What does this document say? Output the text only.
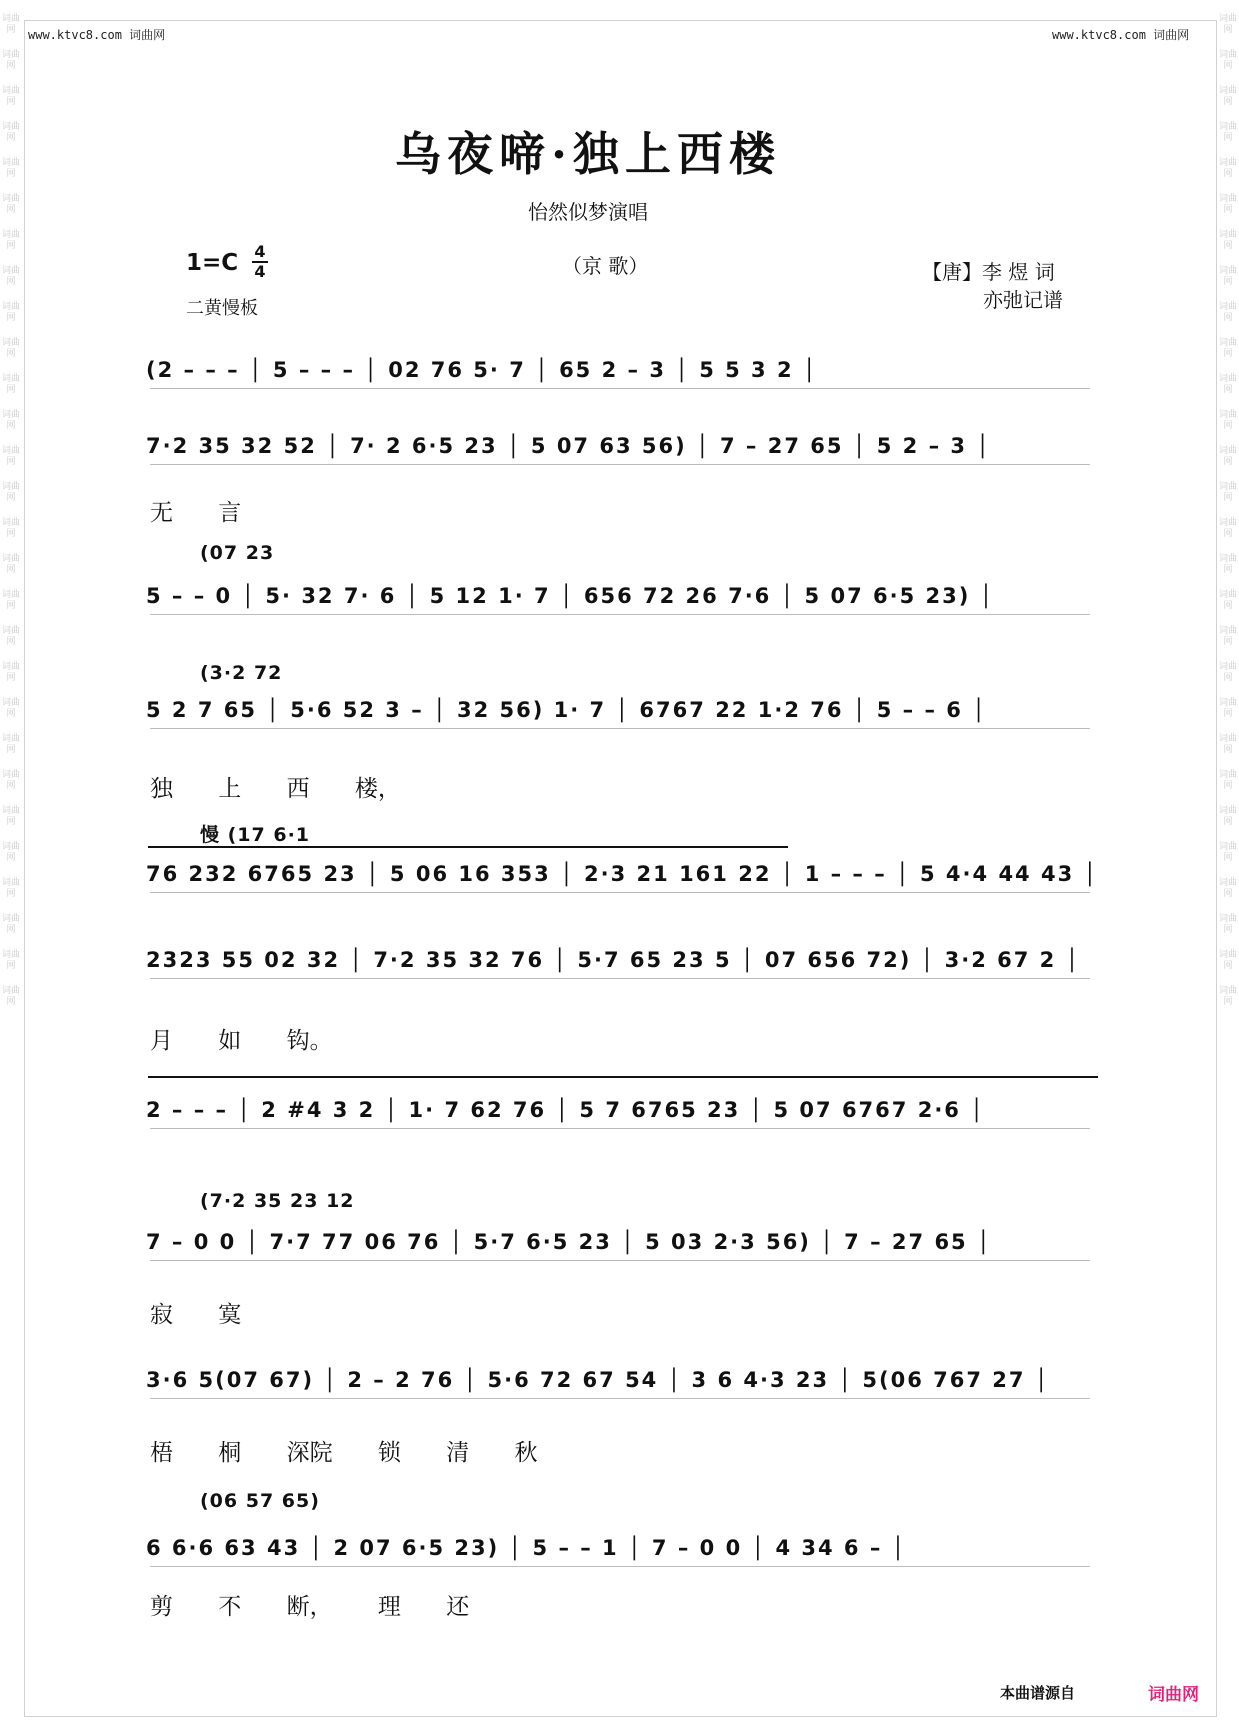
词曲网
词曲网
词曲网
词曲网
词曲网
词曲网
词曲网
词曲网
词曲网
词曲网
词曲网
词曲网
词曲网
词曲网
词曲网
词曲网
词曲网
词曲网
词曲网
词曲网
词曲网
词曲网
词曲网
词曲网
词曲网
词曲网
词曲网
词曲网
词曲网
词曲网
词曲网
词曲网
词曲网
词曲网
词曲网
词曲网
词曲网
词曲网
词曲网
词曲网
词曲网
词曲网
词曲网
词曲网
词曲网
词曲网
词曲网
词曲网
词曲网
词曲网
词曲网
词曲网
词曲网
词曲网
词曲网
词曲网
www.ktvc8.com 词曲网	www.ktvc8.com 词曲网
乌夜啼·独上西楼
怡然似梦演唱
1=C 4
4
二黄慢板
（京 歌）	【唐】李 煜 词
亦弛记谱
(2 – – – │ 5 – – – │ 02 76 5· 7 │ 65 2 – 3 │ 5 5 3 2 │
7·2 35 32 52 │ 7· 2 6·5 23 │ 5 07 63 56) │ 7 – 27 65 │ 5 2 – 3 │
无 言
5 – – 0 │ 5· 32 7· 6 │ 5 12 1· 7 │ 656 72 26 7·6 │ 5 07 6·5 23) │
(07 23
5 2 7 65 │ 5·6 52 3 – │ 32 56) 1· 7 │ 6767 22 1·2 76 │ 5 – – 6 │
(3·2 72
独 上 西 楼，
76 232 6765 23 │ 5 06 16 353 │ 2·3 21 161 22 │ 1 – – – │ 5 4·4 44 43 │
慢 (17 6·1
2323 55 02 32 │ 7·2 35 32 76 │ 5·7 65 23 5 │ 07 656 72) │ 3·2 67 2 │
月 如 钩。
2 – – – │ 2 #4 3 2 │ 1· 7 62 76 │ 5 7 6765 23 │ 5 07 6767 2·6 │
7 – 0 0 │ 7·7 77 06 76 │ 5·7 6·5 23 │ 5 03 2·3 56) │ 7 – 27 65 │
(7·2 35 23 12
寂 寞
3·6 5(07 67) │ 2 – 2 76 │ 5·6 72 67 54 │ 3 6 4·3 23 │ 5(06 767 27 │
梧 桐 深院 锁 清 秋
6 6·6 63 43 │ 2 07 6·5 23) │ 5 – – 1 │ 7 – 0 0 │ 4 34 6 – │
(06 57 65)
剪 不 断， 理 还
本曲谱源自	词曲网
